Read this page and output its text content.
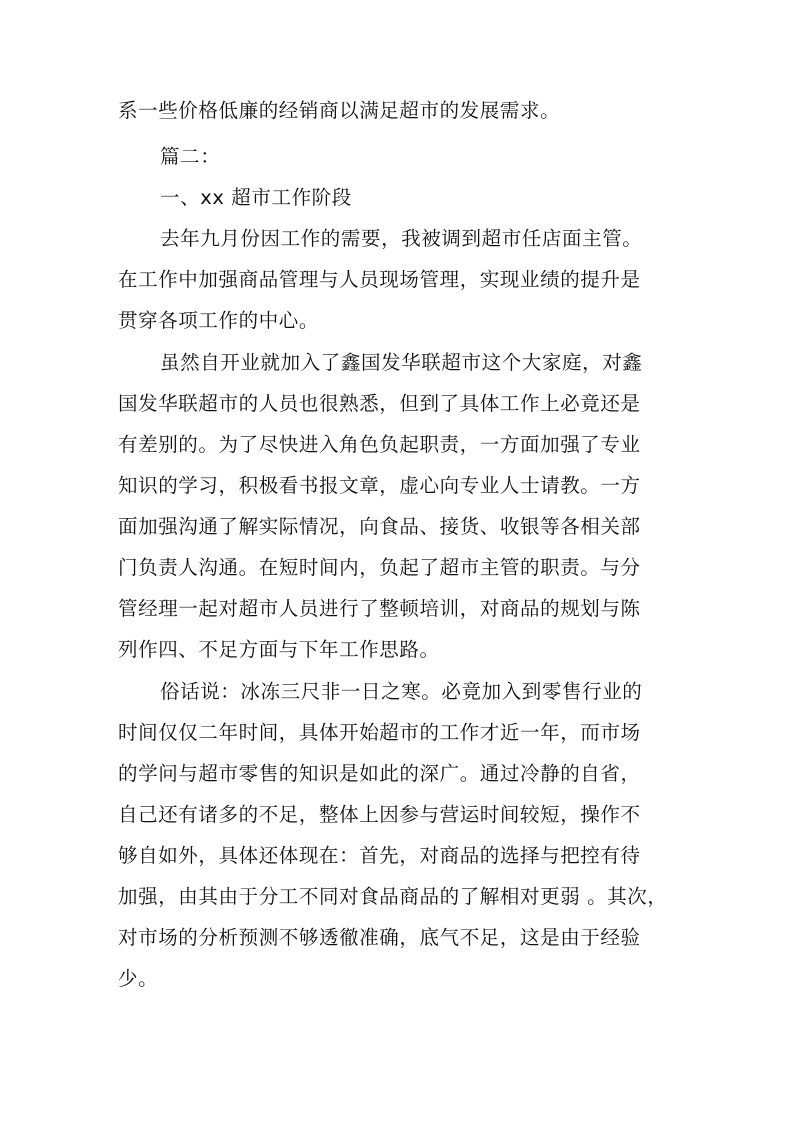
系一些价格低廉的经销商以满足超市的发展需求。
篇二：
一、xx 超市工作阶段
去年九月份因工作的需要，我被调到超市任店面主管。
在工作中加强商品管理与人员现场管理，实现业绩的提升是
贯穿各项工作的中心。
虽然自开业就加入了鑫国发华联超市这个大家庭，对鑫
国发华联超市的人员也很熟悉，但到了具体工作上必竟还是
有差别的。为了尽快进入角色负起职责，一方面加强了专业
知识的学习，积极看书报文章，虚心向专业人士请教。一方
面加强沟通了解实际情况，向食品、接货、收银等各相关部
门负责人沟通。在短时间内，负起了超市主管的职责。与分
管经理一起对超市人员进行了整顿培训，对商品的规划与陈
列作四、不足方面与下年工作思路。
俗话说：冰冻三尺非一日之寒。必竟加入到零售行业的
时间仅仅二年时间，具体开始超市的工作才近一年，而市场
的学问与超市零售的知识是如此的深广。通过冷静的自省，
自己还有诸多的不足，整体上因参与营运时间较短，操作不
够自如外，具体还体现在：首先，对商品的选择与把控有待
加强，由其由于分工不同对食品商品的了解相对更弱 。其次，
对市场的分析预测不够透徹准确，底气不足，这是由于经验
少。
